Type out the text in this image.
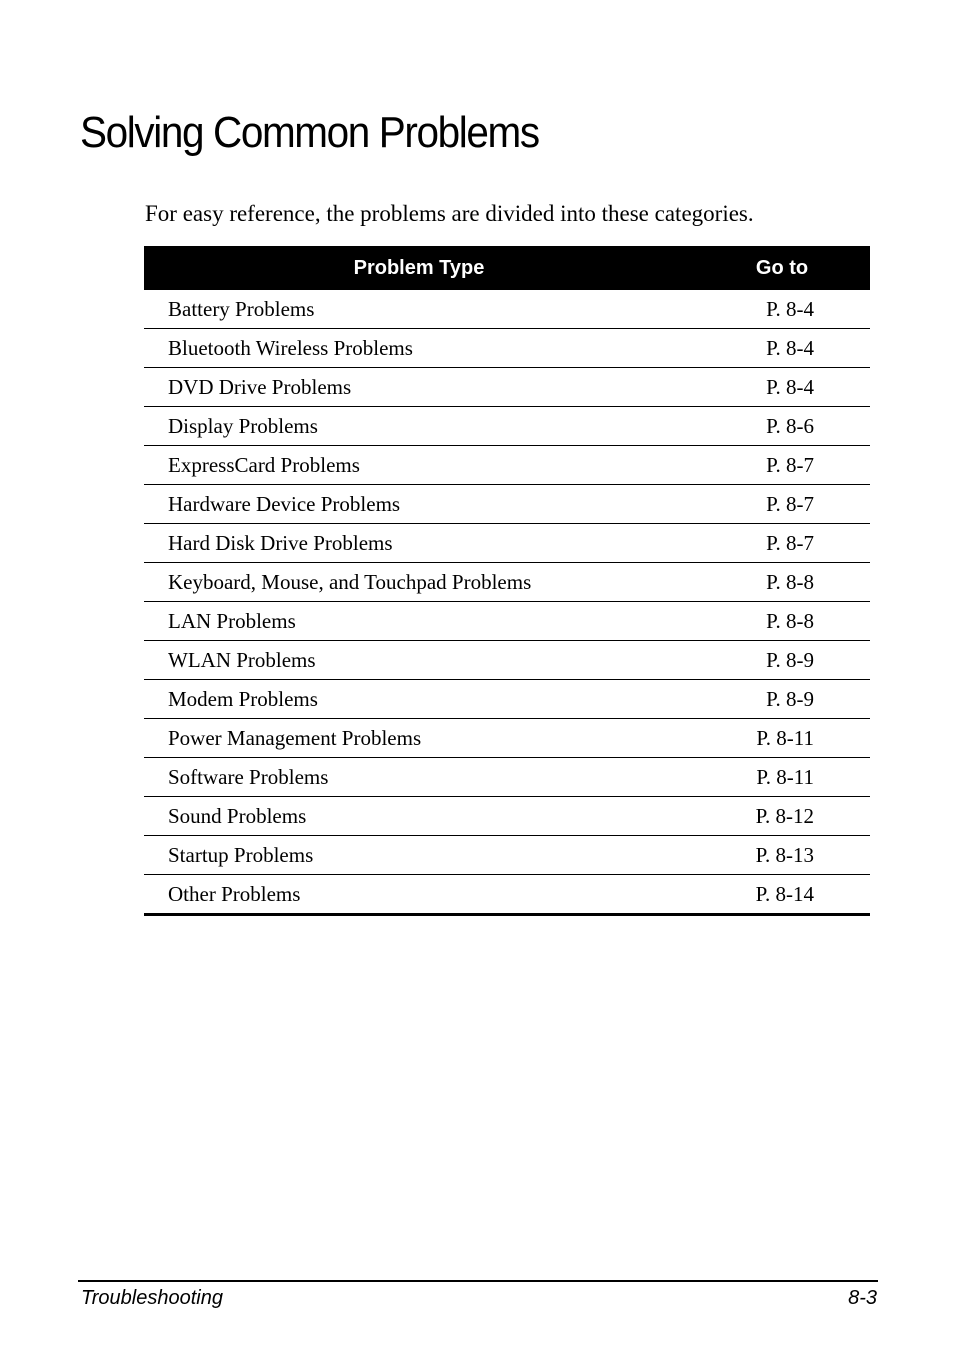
Solving Common Problems
For easy reference, the problems are divided into these categories.
Problem Type	Go to
Battery Problems	P. 8-4
Bluetooth Wireless Problems	P. 8-4
DVD Drive Problems	P. 8-4
Display Problems	P. 8-6
ExpressCard Problems	P. 8-7
Hardware Device Problems	P. 8-7
Hard Disk Drive Problems	P. 8-7
Keyboard, Mouse, and Touchpad Problems	P. 8-8
LAN Problems	P. 8-8
WLAN Problems	P. 8-9
Modem Problems	P. 8-9
Power Management Problems	P. 8-11
Software Problems	P. 8-11
Sound Problems	P. 8-12
Startup Problems	P. 8-13
Other Problems	P. 8-14
Troubleshooting	8-3
